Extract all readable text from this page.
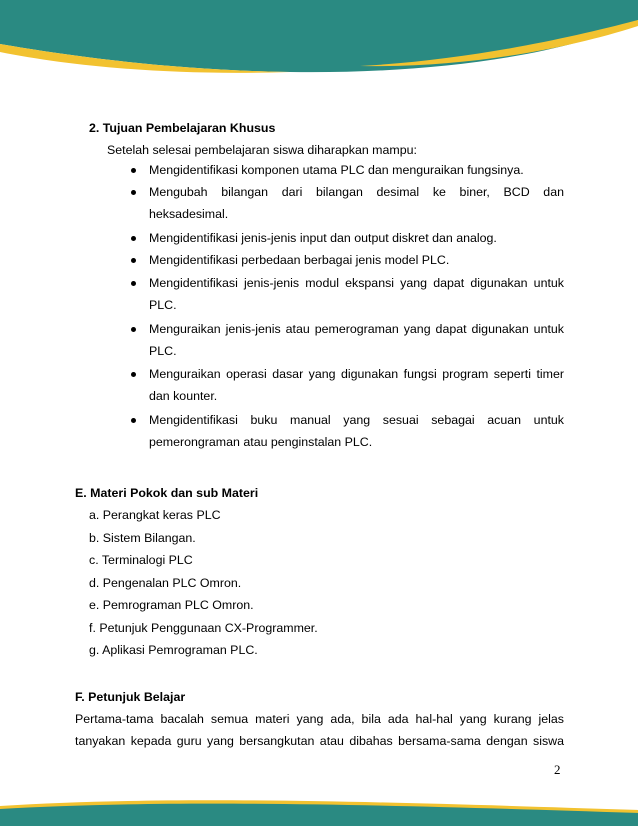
2. Tujuan Pembelajaran Khusus
Setelah selesai pembelajaran siswa diharapkan mampu:
Mengidentifikasi komponen utama PLC dan menguraikan fungsinya.
Mengubah bilangan dari bilangan desimal ke biner, BCD dan
heksadesimal.
Mengidentifikasi jenis-jenis input dan output diskret dan analog.
Mengidentifikasi perbedaan berbagai jenis model PLC.
Mengidentifikasi jenis-jenis modul ekspansi yang dapat digunakan untuk
PLC.
Menguraikan jenis-jenis atau pemerograman yang dapat digunakan untuk
PLC.
Menguraikan operasi dasar yang digunakan fungsi program seperti timer
dan kounter.
Mengidentifikasi buku manual yang sesuai sebagai acuan untuk
pemerongraman atau penginstalan PLC.
E. Materi Pokok dan sub Materi
a. Perangkat keras PLC
b. Sistem Bilangan.
c. Terminalogi PLC
d. Pengenalan PLC Omron.
e. Pemrograman PLC Omron.
f. Petunjuk Penggunaan CX-Programmer.
g. Aplikasi Pemrograman PLC.
F. Petunjuk Belajar
Pertama-tama bacalah semua materi yang ada, bila ada hal-hal yang kurang jelas
tanyakan kepada guru yang bersangkutan atau dibahas bersama-sama dengan siswa
2
